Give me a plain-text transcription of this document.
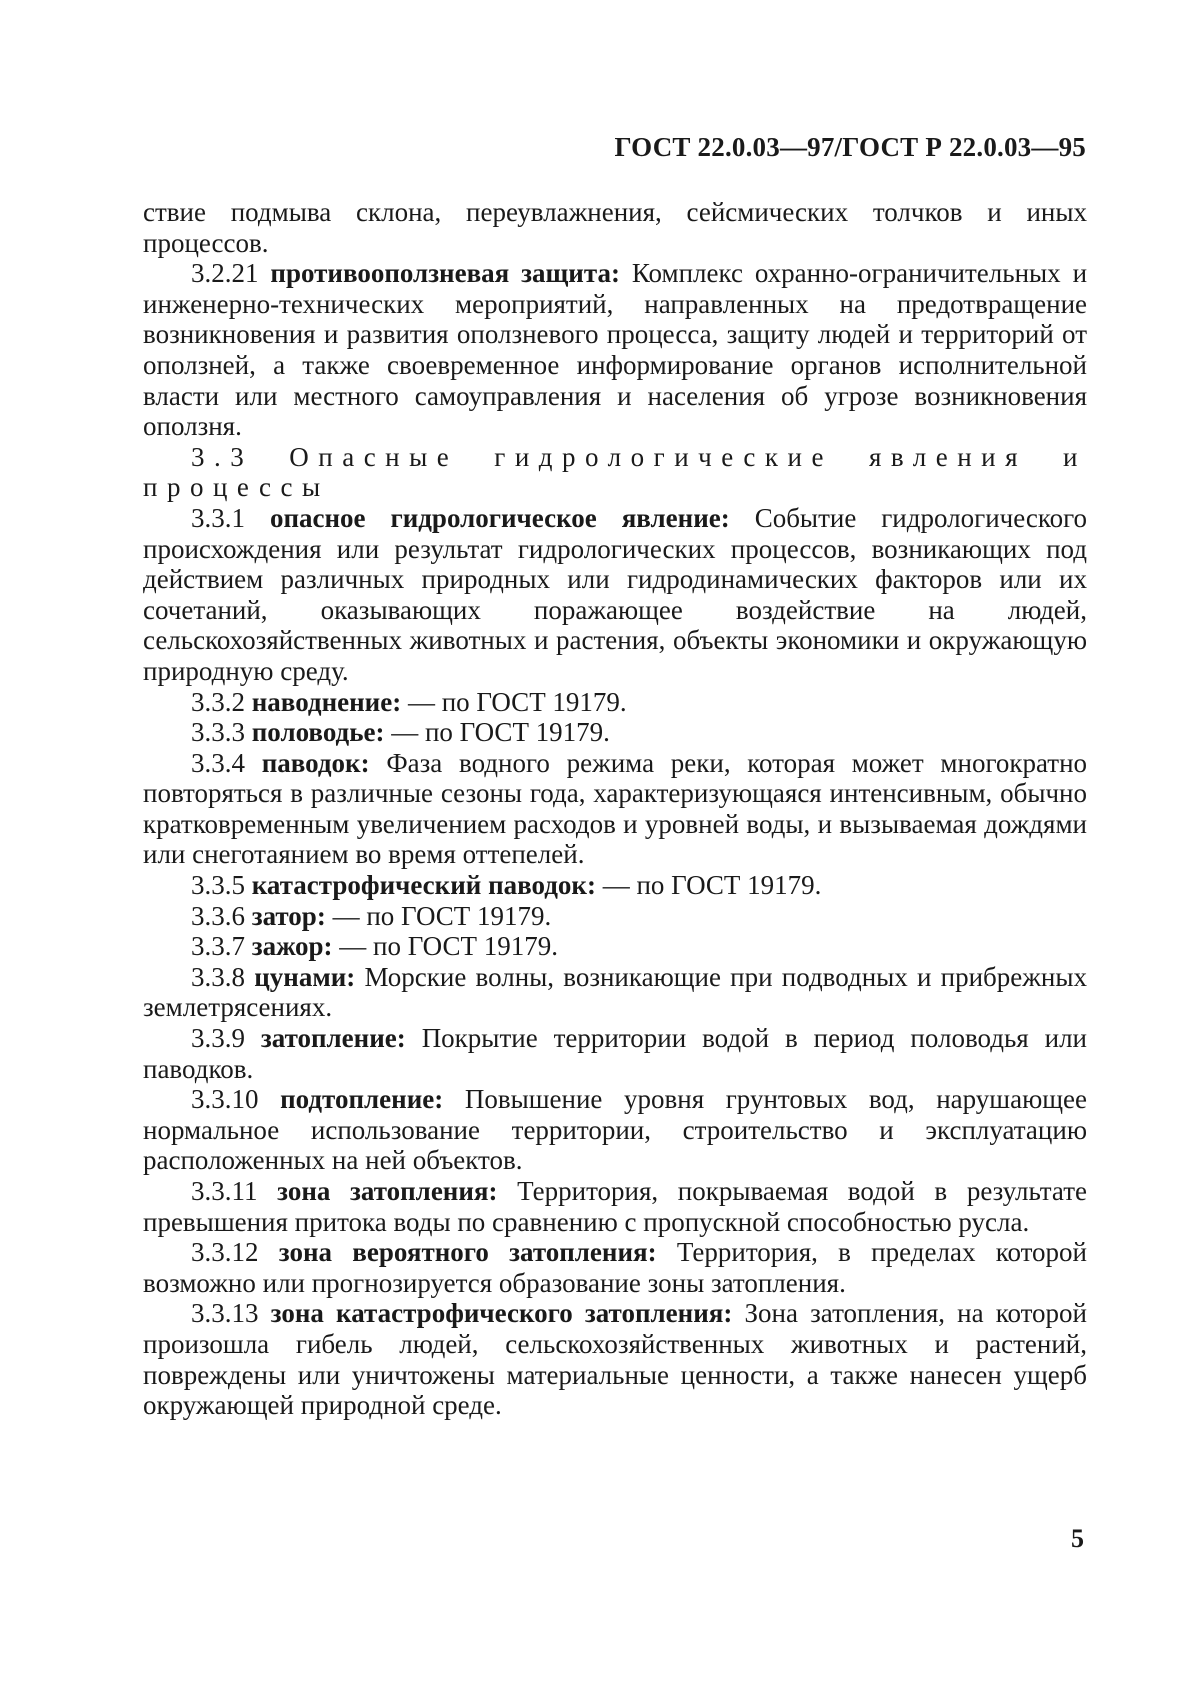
ГОСТ 22.0.03—97/ГОСТ Р 22.0.03—95

ствие подмыва склона, переувлажнения, сейсмических толчков и иных процессов.

3.2.21 противооползневая защита: Комплекс охранно-ограничительных и инженерно-технических мероприятий, направленных на предотвращение возникновения и развития оползневого процесса, защиту людей и территорий от оползней, а также своевременное информирование органов исполнительной власти или местного самоуправления и населения об угрозе возникновения оползня.

3.3 Опасные гидрологические явления и процессы

3.3.1 опасное гидрологическое явление: Событие гидрологического происхождения или результат гидрологических процессов, возникающих под действием различных природных или гидродинамических факторов или их сочетаний, оказывающих поражающее воздействие на людей, сельскохозяйственных животных и растения, объекты экономики и окружающую природную среду.

3.3.2 наводнение: — по ГОСТ 19179.

3.3.3 половодье: — по ГОСТ 19179.

3.3.4 паводок: Фаза водного режима реки, которая может многократно повторяться в различные сезоны года, характеризующаяся интенсивным, обычно кратковременным увеличением расходов и уровней воды, и вызываемая дождями или снеготаянием во время оттепелей.

3.3.5 катастрофический паводок: — по ГОСТ 19179.

3.3.6 затор: — по ГОСТ 19179.

3.3.7 зажор: — по ГОСТ 19179.

3.3.8 цунами: Морские волны, возникающие при подводных и прибрежных землетрясениях.

3.3.9 затопление: Покрытие территории водой в период половодья или паводков.

3.3.10 подтопление: Повышение уровня грунтовых вод, нарушающее нормальное использование территории, строительство и эксплуатацию расположенных на ней объектов.

3.3.11 зона затопления: Территория, покрываемая водой в результате превышения притока воды по сравнению с пропускной способностью русла.

3.3.12 зона вероятного затопления: Территория, в пределах которой возможно или прогнозируется образование зоны затопления.

3.3.13 зона катастрофического затопления: Зона затопления, на которой произошла гибель людей, сельскохозяйственных животных и растений, повреждены или уничтожены материальные ценности, а также нанесен ущерб окружающей природной среде.

5
